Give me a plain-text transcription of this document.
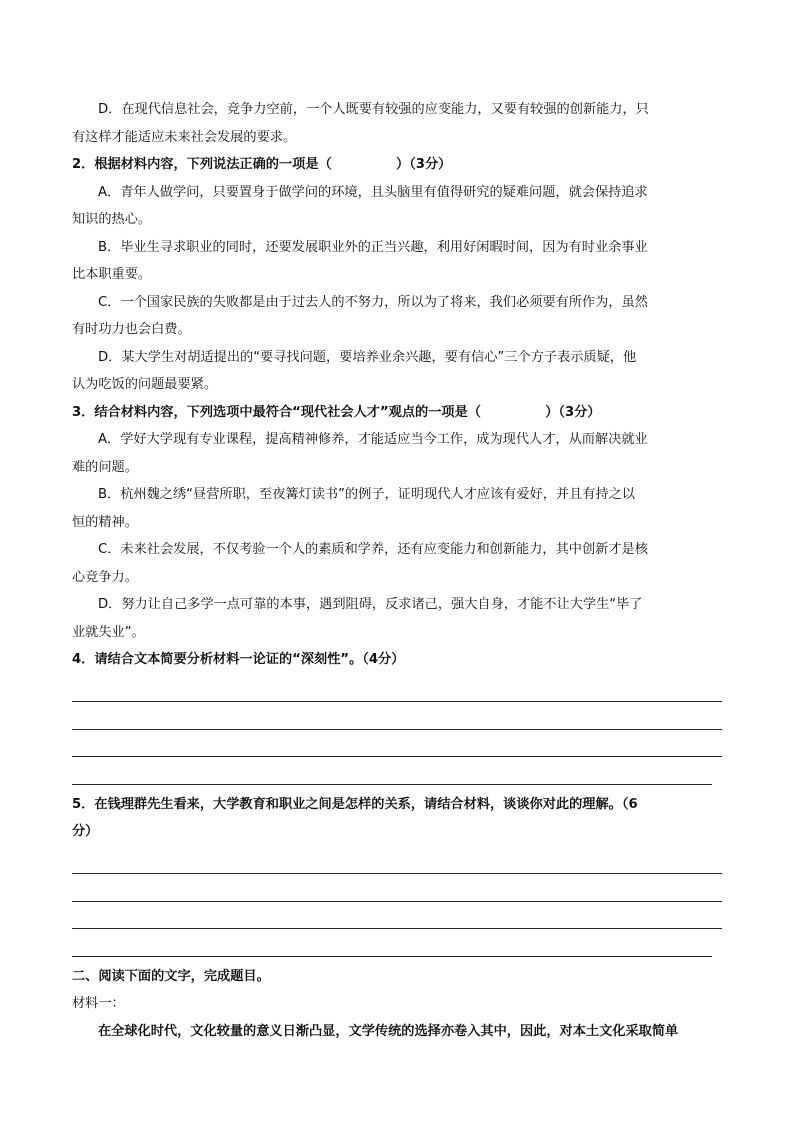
D．在现代信息社会，竞争力空前，一个人既要有较强的应变能力，又要有较强的创新能力，只

有这样才能适应未来社会发展的要求。

2．根据材料内容，下列说法正确的一项是（              ）（3分）

A．青年人做学问，只要置身于做学问的环境，且头脑里有值得研究的疑难问题，就会保持追求

知识的热心。

B．毕业生寻求职业的同时，还要发展职业外的正当兴趣，利用好闲暇时间，因为有时业余事业

比本职重要。

C．一个国家民族的失败都是由于过去人的不努力，所以为了将来，我们必须要有所作为，虽然

有时功力也会白费。

D．某大学生对胡适提出的“要寻找问题，要培养业余兴趣，要有信心”三个方子表示质疑，他

认为吃饭的问题最要紧。

3．结合材料内容，下列选项中最符合“现代社会人才”观点的一项是（              ）（3分）

A．学好大学现有专业课程，提高精神修养，才能适应当今工作，成为现代人才，从而解决就业

难的问题。

B．杭州魏之绣“昼营所职，至夜篝灯读书”的例子，证明现代人才应该有爱好，并且有持之以

恒的精神。

C．未来社会发展，不仅考验一个人的素质和学养，还有应变能力和创新能力，其中创新才是核

心竞争力。

D．努力让自己多学一点可靠的本事，遇到阻碍，反求诸己，强大自身，才能不让大学生“毕了

业就失业”。

4．请结合文本简要分析材料一论证的“深刻性”。（4分）

5．在钱理群先生看来，大学教育和职业之间是怎样的关系，请结合材料，谈谈你对此的理解。（6

分）

二、阅读下面的文字，完成题目。

材料一：

在全球化时代，文化较量的意义日渐凸显，文学传统的选择亦卷入其中，因此，对本土文化采取简单
